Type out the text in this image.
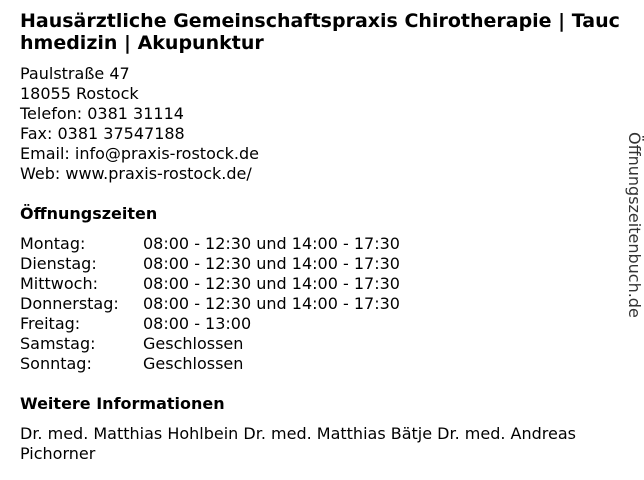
Hausärztliche Gemeinschaftspraxis Chirotherapie | Tauchmedizin | Akupunktur
Paulstraße 47
18055 Rostock
Telefon: 0381 31114
Fax: 0381 37547188
Email: info@praxis-rostock.de
Web: www.praxis-rostock.de/
Öffnungszeiten
Montag:	08:00 - 12:30 und 14:00 - 17:30
Dienstag:	08:00 - 12:30 und 14:00 - 17:30
Mittwoch:	08:00 - 12:30 und 14:00 - 17:30
Donnerstag:	08:00 - 12:30 und 14:00 - 17:30
Freitag:	08:00 - 13:00
Samstag:	Geschlossen
Sonntag:	Geschlossen
Weitere Informationen
Dr. med. Matthias Hohlbein Dr. med. Matthias Bätje Dr. med. Andreas Pichorner
Öffnungszeitenbuch.de
